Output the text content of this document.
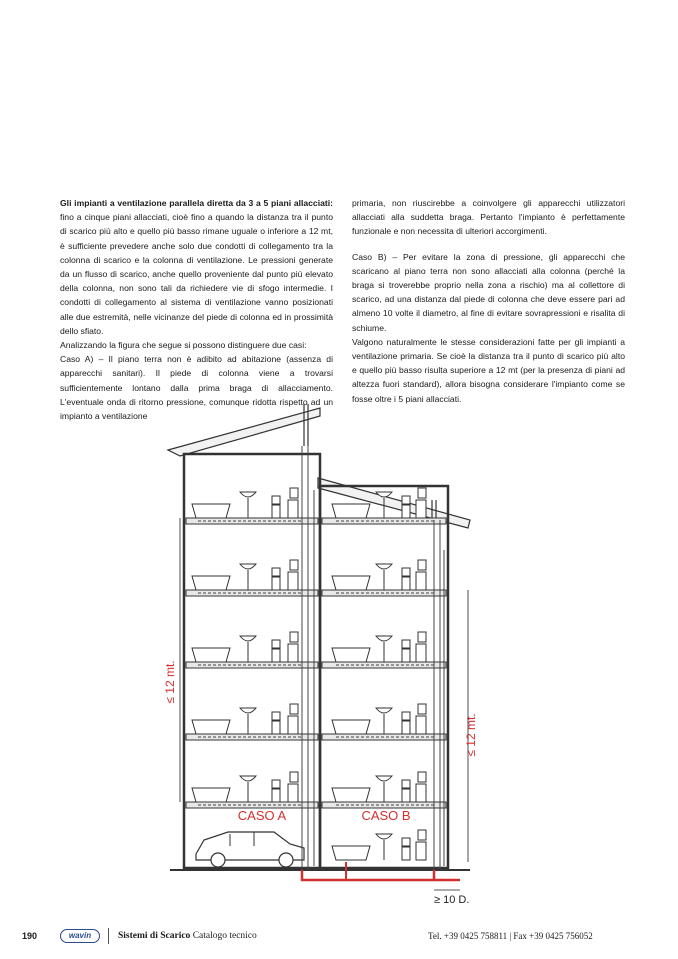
Gli impianti a ventilazione parallela diretta da 3 a 5 piani allacciati: fino a cinque piani allacciati, cioè fino a quando la distanza tra il punto di scarico più alto e quello più basso rimane uguale o inferiore a 12 mt, è sufficiente prevedere anche solo due condotti di collegamento tra la colonna di scarico e la colonna di ventilazione. Le pressioni generate da un flusso di scarico, anche quello proveniente dal punto più elevato della colonna, non sono tali da richiedere vie di sfogo intermedie. I condotti di collegamento al sistema di ventilazione vanno posizionati alle due estremità, nelle vicinanze del piede di colonna ed in prossimità dello sfiato.

Analizzando la figura che segue si possono distinguere due casi:

Caso A) – Il piano terra non è adibito ad abitazione (assenza di apparecchi sanitari). Il piede di colonna viene a trovarsi sufficientemente lontano dalla prima braga di allacciamento. L'eventuale onda di ritorno pressione, comunque ridotta rispetto ad un impianto a ventilazione

primaria, non riuscirebbe a coinvolgere gli apparecchi utilizzatori allacciati alla suddetta braga. Pertanto l'impianto è perfettamente funzionale e non necessita di ulteriori accorgimenti.

Caso B) – Per evitare la zona di pressione, gli apparecchi che scaricano al piano terra non sono allacciati alla colonna (perché la braga si troverebbe proprio nella zona a rischio) ma al collettore di scarico, ad una distanza dal piede di colonna che deve essere pari ad almeno 10 volte il diametro, al fine di evitare sovrapressioni e risalita di schiume.

Valgono naturalmente le stesse considerazioni fatte per gli impianti a ventilazione primaria. Se cioè la distanza tra il punto di scarico più alto e quello più basso risulta superiore a 12 mt (per la presenza di piani ad altezza fuori standard), allora bisogna considerare l'impianto come se fosse oltre i 5 piani allacciati.

≤ 12 mt.
≤ 12 mt.
CASO A	CASO B
≥ 10 D.
190	wavin	Sistemi di Scarico Catalogo tecnico	Tel. +39 0425 758811 | Fax +39 0425 756052
